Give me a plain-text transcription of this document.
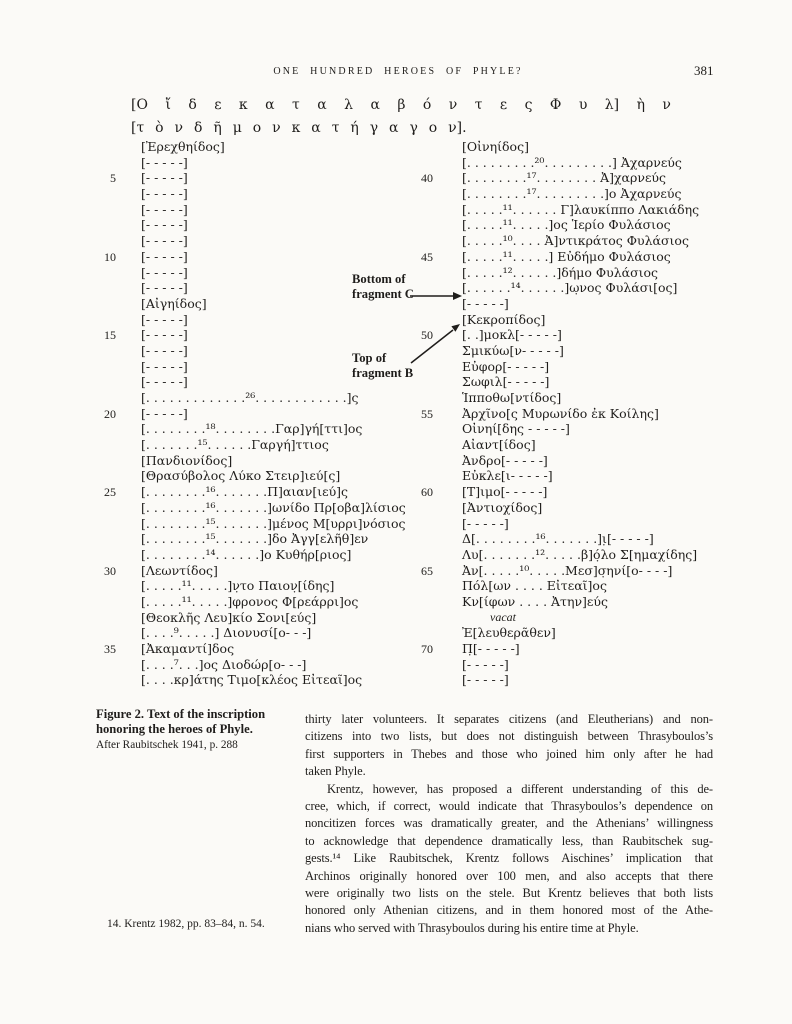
ONE HUNDRED HEROES OF PHYLE?	381
[Ο ἴ δ ε κ α τ α λ α β ό ν τ ε ς Φ υ λ] ὴ ν
[τ ὸ ν δ ῆ μ ο ν κ α τ ή γ α γ ο ν].
[Ἐρεχθηίδος]
[- - - - -]
5 [- - - - -]
[- - - - -]
[- - - - -]
[- - - - -]
[- - - - -]
10 [- - - - -]
[- - - - -]
[- - - - -]
[Αἰγηίδος]
[- - - - -]
15 [- - - - -]
[- - - - -]
[- - - - -]
[- - - - -]
[. . . . . . . . . . . . .²⁶. . . . . . . . . . . .]ς
20 [- - - - -]
[. . . . . . . .¹⁸. . . . . . . .Γαρ]γή[ττι]ος
[. . . . . . .¹⁵. . . . . .Γαργή]ττιος
[Πανδιονίδος]
[Θρασύβολος Λύκο Στειρ]ιεύ[ς]
25 [. . . . . . . .¹⁶. . . . . . .Π]αιαν[ιεύ]ς
[. . . . . . . .¹⁶. . . . . . .]ωνίδο Πρ[οβα]λίσιος
[. . . . . . . .¹⁵. . . . . . .]μένος Μ[υρρι]νόσιος
[. . . . . . . .¹⁵. . . . . . .]δο Ἀγγ[ελῆθ]εν
[. . . . . . . .¹⁴. . . . . .]ο Κυθήρ[ριος]
30 [Λεωντίδος]
[. . . . .¹¹. . . . .]ν̣το Παιον̣[ίδης]
[. . . . .¹¹. . . . .]φρονος Φ[ρεάρρι]ος
[Θεοκλῆς Λευ]κίο Σονι[εύς]
[. . . .⁹. . . . .] Διονυσί[ο- - -]
35 [Ἀκαμαντί]δος
[. . . .⁷. . .]ος Διοδώρ[ο- - -]
[. . . .κρ]άτης Τιμο[κλέος Εἰτεαῖ]ος
[Οἰνηίδος]
[. . . . . . . . .²⁰. . . . . . . . .] Ἀχαρνεύς
40 [. . . . . . . .¹⁷. . . . . . . . Ἀ]χαρνεύς
[. . . . . . . .¹⁷. . . . . . . . .]ο Ἀχαρνεύς
[. . . . .¹¹. . . . . . Γ]λαυκίππο Λακιάδης
[. . . . .¹¹. . . . .]ος Ἱερίο Φυλάσιος
[. . . . .¹⁰. . . . Ἀ]ντικράτος Φυλάσιος
45 [. . . . .¹¹. . . . .] Εὐδήμο Φυλάσιος
[. . . . .¹². . . . . .]δήμο Φυλάσιος
[. . . . . .¹⁴. . . . . .]ω̣νος Φυλάσι[ος]
[- - - - -]
[Κεκροπίδος]
50 [. .]μοκλ[- - - - -]
Σμικύω[ν- - - - -]
Εὐφορ[- - - - -]
Σωφιλ[- - - - -]
Ἱπποθω[ντίδος]
55 Ἀρχῖνο[ς Μυρωνίδο ἐκ Κοίλης]
Οἰνηί[δης - - - - -]
Αἰαντ[ίδος]
Ἀνδρο[- - - - -]
Εὐκλε[ι- - - - -]
60 [Τ]ιμο[- - - - -]
[Ἀντιοχίδος]
[- - - - -]
Δ[. . . . . . . .¹⁶. . . . . . .]ι̣[- - - - -]
Λυ[. . . . . . .¹². . . . .β]ό̣λο Σ[ημαχίδης]
65 Ἀν[. . . . .¹⁰. . . . .Μεσ]σ̣ηνί[ο- - - -]
Πόλ[ων . . . . Εἰτεαῖ]ος
Κν[ίφων . . . . Ἀτην]εύς
vacat
Ἐ[λευθερᾶθεν]
70 Π̣[- - - - -]
[- - - - -]
[- - - - -]
Bottom of
fragment C
Top of
fragment B
Figure 2. Text of the inscription
honoring the heroes of Phyle.
After Raubitschek 1941, p. 288
thirty later volunteers. It separates citizens (and Eleutherians) and non-
citizens into two lists, but does not distinguish between Thrasyboulos’s
first supporters in Thebes and those who joined him only after he had
taken Phyle.
Krentz, however, has proposed a different understanding of this de-
cree, which, if correct, would indicate that Thrasyboulos’s dependence on
noncitizen forces was dramatically greater, and the Athenians’ willingness
to acknowledge that dependence dramatically less, than Raubitschek sug-
gests.¹⁴ Like Raubitschek, Krentz follows Aischines’ implication that
Archinos originally honored over 100 men, and also accepts that there
were originally two lists on the stele. But Krentz believes that both lists
honored only Athenian citizens, and in them honored most of the Athe-
nians who served with Thrasyboulos during his entire time at Phyle.
14. Krentz 1982, pp. 83–84, n. 54.
